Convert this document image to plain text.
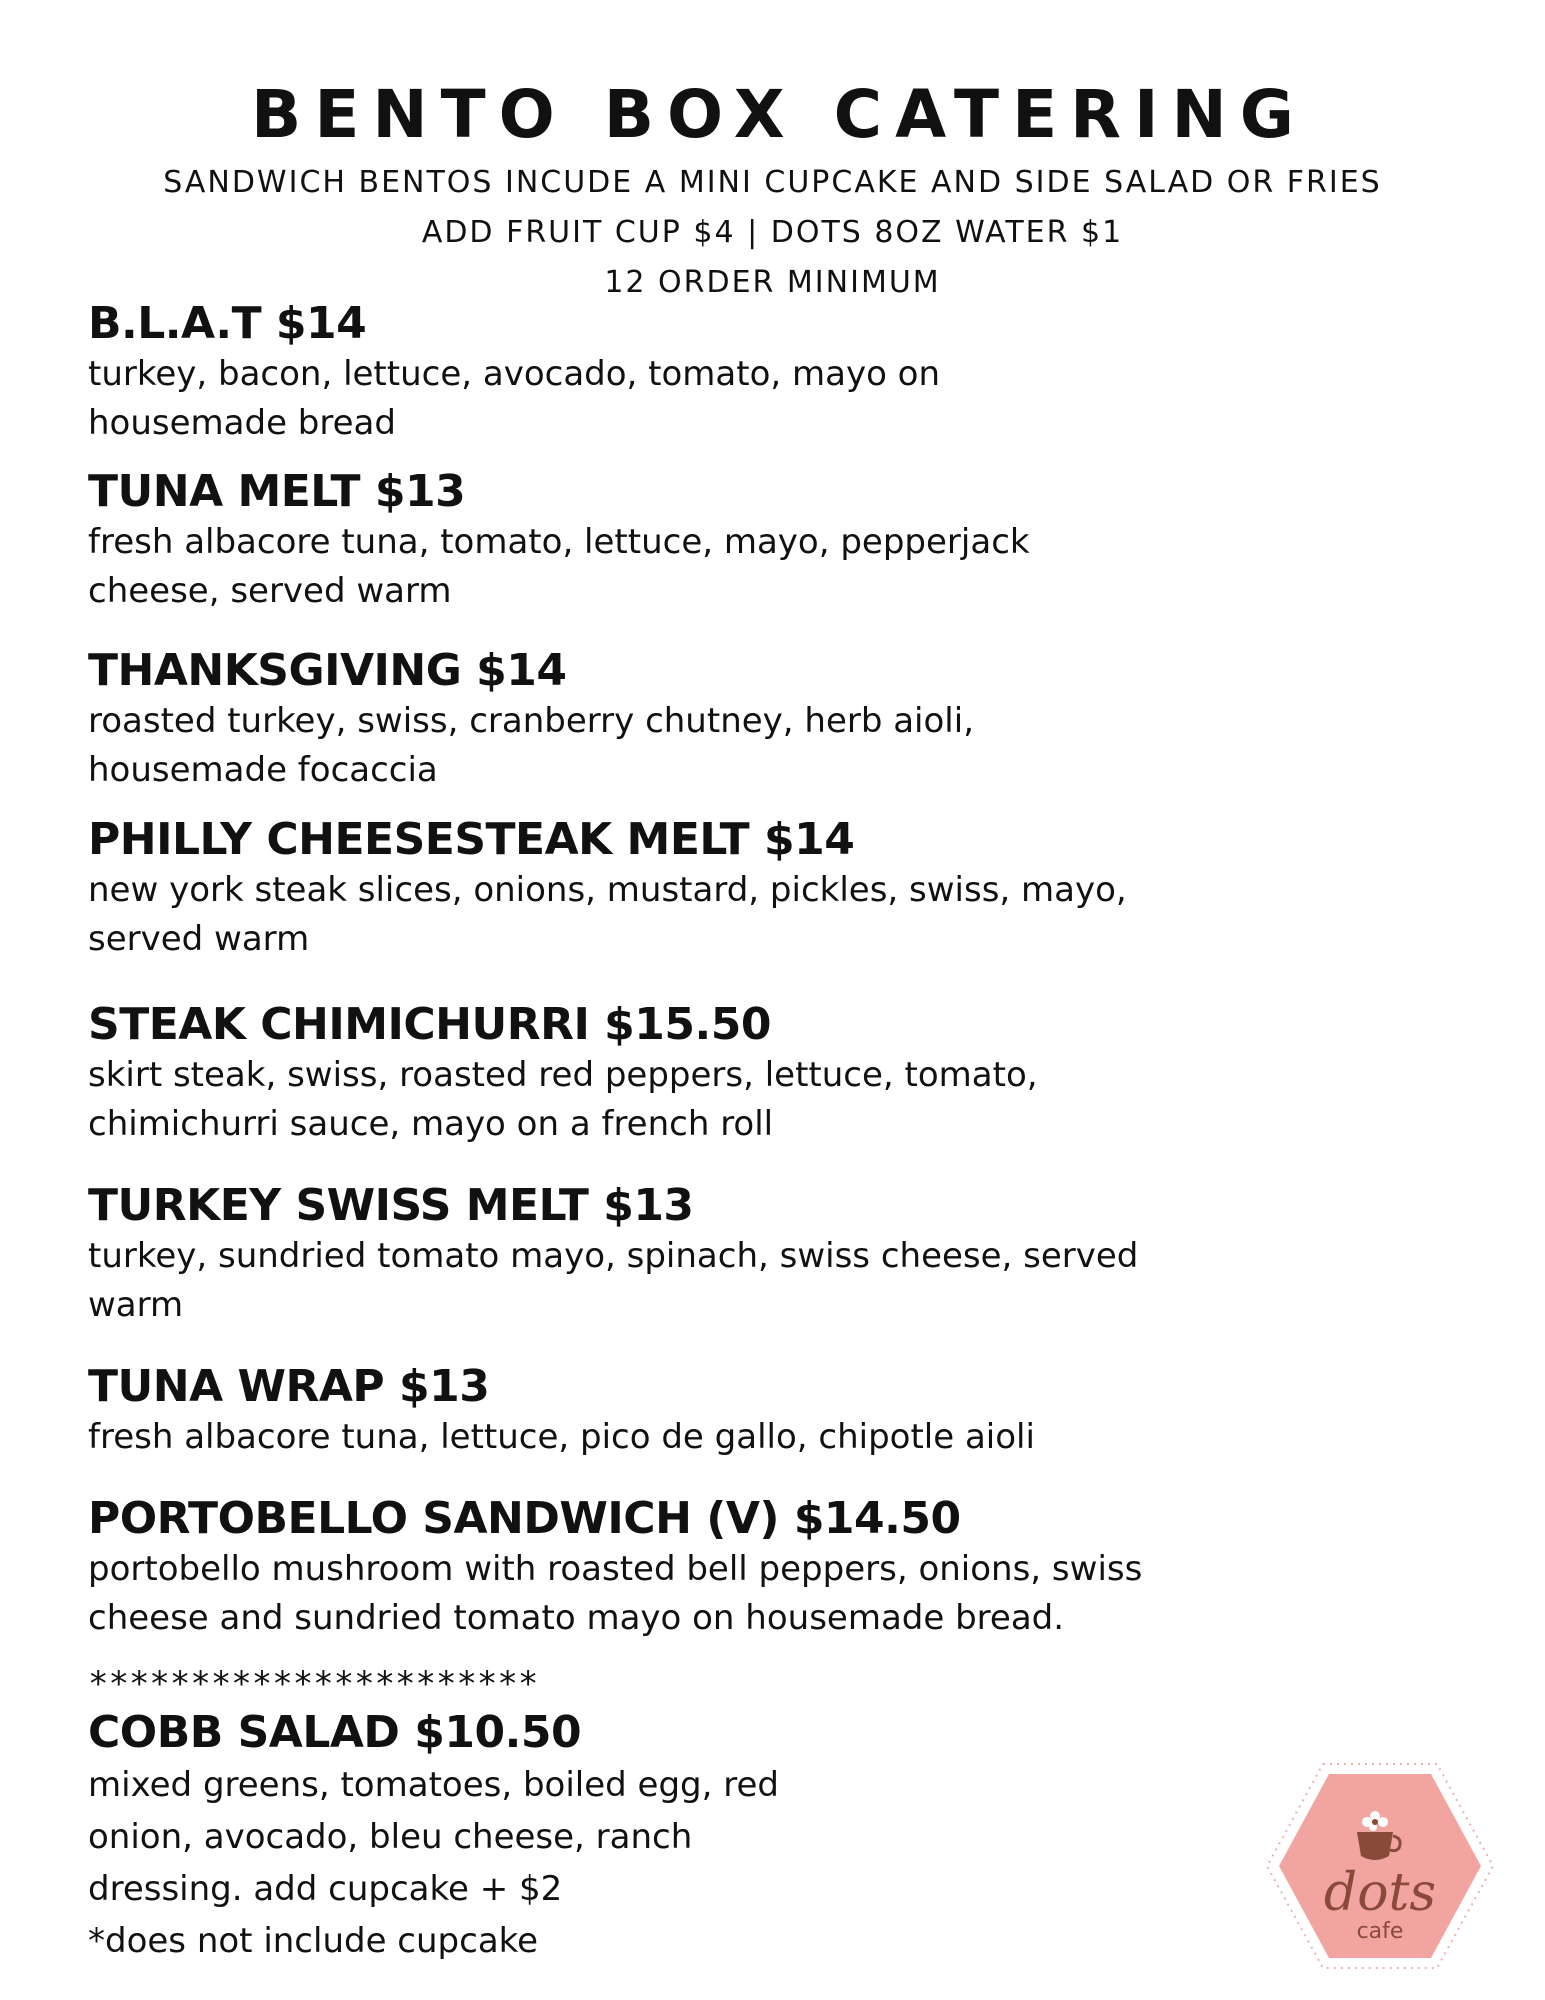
BENTO BOX CATERING

SANDWICH BENTOS INCUDE A MINI CUPCAKE AND SIDE SALAD OR FRIES

ADD FRUIT CUP $4 | DOTS 8OZ WATER $1

12 ORDER MINIMUM

B.L.A.T $14

turkey, bacon, lettuce, avocado, tomato, mayo on

housemade bread

TUNA MELT $13

fresh albacore tuna, tomato, lettuce, mayo, pepperjack

cheese, served warm

THANKSGIVING $14

roasted turkey, swiss, cranberry chutney, herb aioli,

housemade focaccia

PHILLY CHEESESTEAK MELT $14

new york steak slices, onions, mustard, pickles, swiss, mayo,

served warm

STEAK CHIMICHURRI $15.50

skirt steak, swiss, roasted red peppers, lettuce, tomato,

chimichurri sauce, mayo on a french roll

TURKEY SWISS MELT $13

turkey, sundried tomato mayo, spinach, swiss cheese, served

warm

TUNA WRAP $13

fresh albacore tuna, lettuce, pico de gallo, chipotle aioli

PORTOBELLO SANDWICH (V) $14.50

portobello mushroom with roasted bell peppers, onions, swiss

cheese and sundried tomato mayo on housemade bread.

COBB SALAD $10.50

mixed greens, tomatoes, boiled egg, red

onion, avocado, bleu cheese, ranch

dressing. add cupcake + $2

*does not include cupcake

**********************

dots
cafe
